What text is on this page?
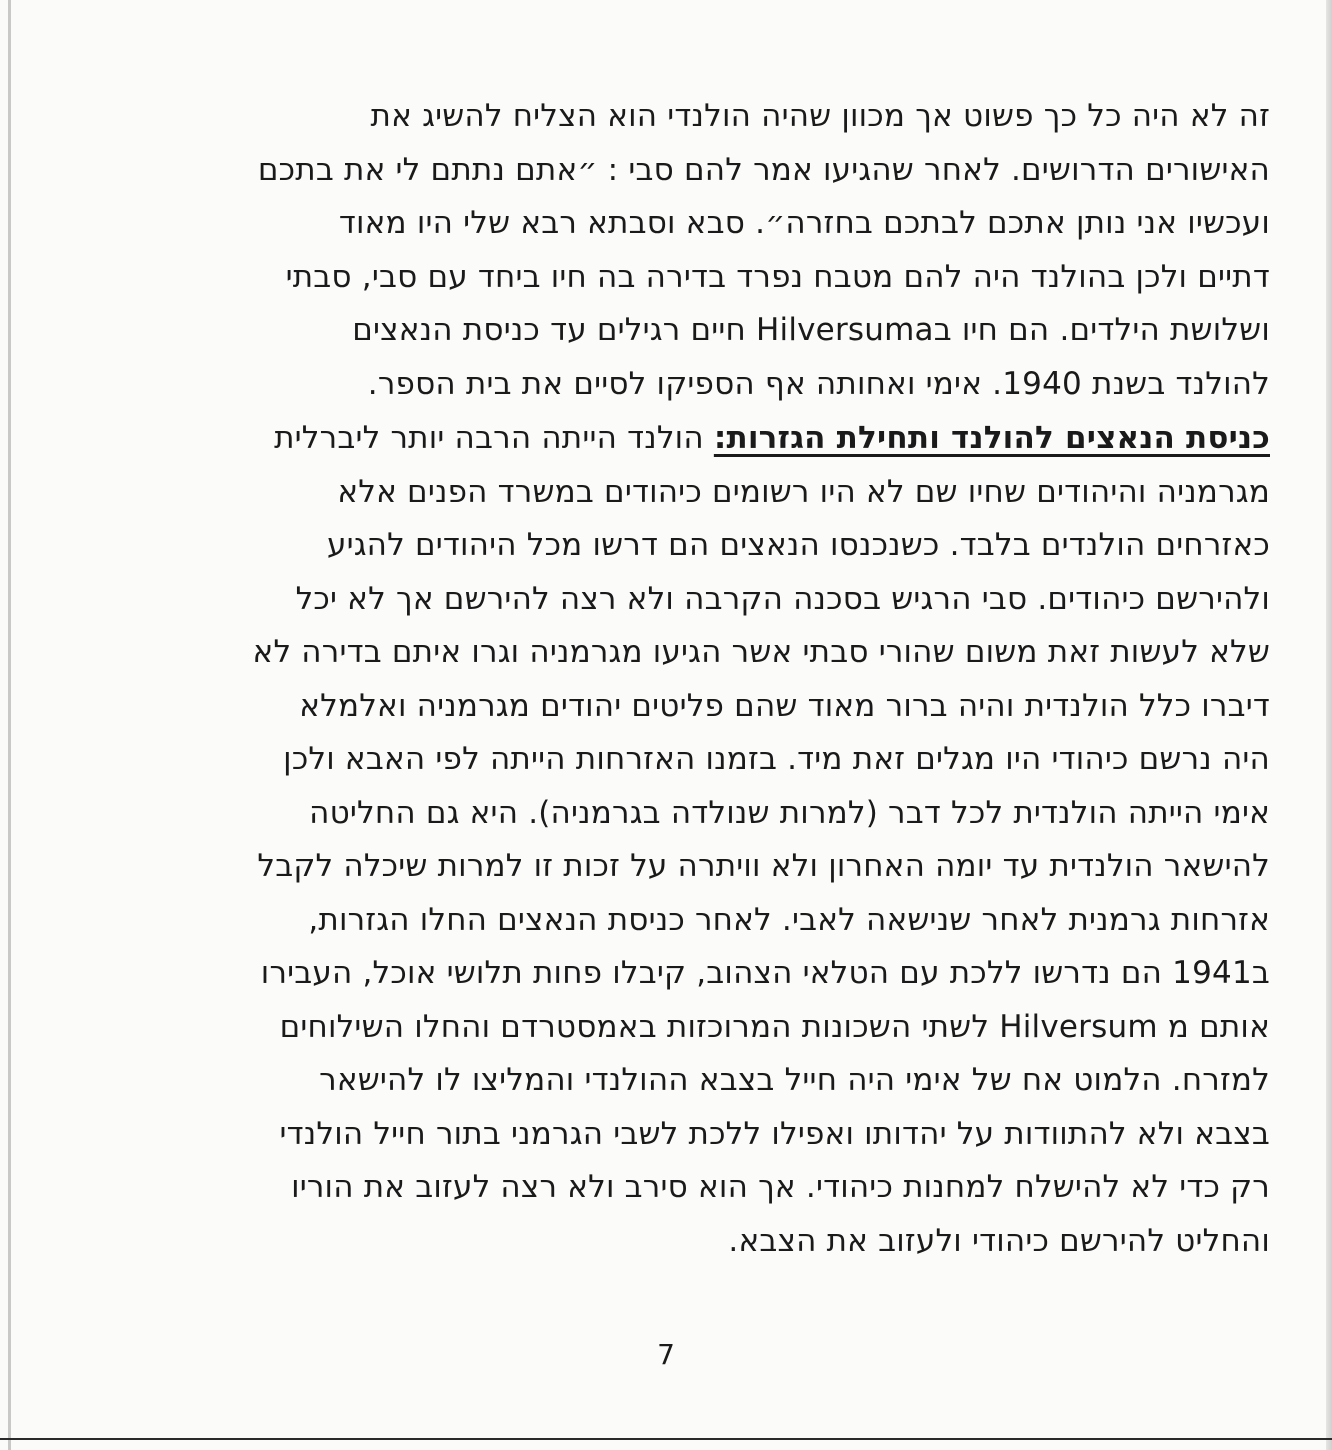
זה לא היה כל כך פשוט אך מכוון שהיה הולנדי הוא הצליח להשיג את
האישורים הדרושים. לאחר שהגיעו אמר להם סבי : ״אתם נתתם לי את בתכם
ועכשיו אני נותן אתכם לבתכם בחזרה״. סבא וסבתא רבא שלי היו מאוד
דתיים ולכן בהולנד היה להם מטבח נפרד בדירה בה חיו ביחד עם סבי, סבתי
ושלושת הילדים. הם חיו בHilversuma חיים רגילים עד כניסת הנאצים
להולנד בשנת 1940. אימי ואחותה אף הספיקו לסיים את בית הספר.
כניסת הנאצים להולנד ותחילת הגזרות: הולנד הייתה הרבה יותר ליברלית
מגרמניה והיהודים שחיו שם לא היו רשומים כיהודים במשרד הפנים אלא
כאזרחים הולנדים בלבד. כשנכנסו הנאצים הם דרשו מכל היהודים להגיע
ולהירשם כיהודים. סבי הרגיש בסכנה הקרבה ולא רצה להירשם אך לא יכל
שלא לעשות זאת משום שהורי סבתי אשר הגיעו מגרמניה וגרו איתם בדירה לא
דיברו כלל הולנדית והיה ברור מאוד שהם פליטים יהודים מגרמניה ואלמלא
היה נרשם כיהודי היו מגלים זאת מיד. בזמנו האזרחות הייתה לפי האבא ולכן
אימי הייתה הולנדית לכל דבר (למרות שנולדה בגרמניה). היא גם החליטה
להישאר הולנדית עד יומה האחרון ולא וויתרה על זכות זו למרות שיכלה לקבל
אזרחות גרמנית לאחר שנישאה לאבי. לאחר כניסת הנאצים החלו הגזרות,
ב1941 הם נדרשו ללכת עם הטלאי הצהוב, קיבלו פחות תלושי אוכל, העבירו
אותם מ Hilversum לשתי השכונות המרוכזות באמסטרדם והחלו השילוחים
למזרח. הלמוט אח של אימי היה חייל בצבא ההולנדי והמליצו לו להישאר
בצבא ולא להתוודות על יהדותו ואפילו ללכת לשבי הגרמני בתור חייל הולנדי
רק כדי לא להישלח למחנות כיהודי. אך הוא סירב ולא רצה לעזוב את הוריו
והחליט להירשם כיהודי ולעזוב את הצבא.
7
